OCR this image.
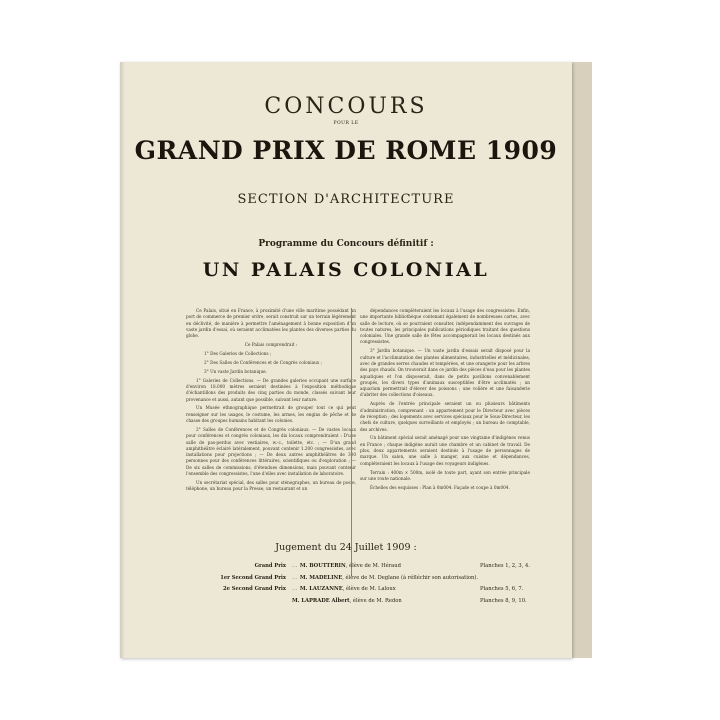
CONCOURS
POUR LE
GRAND PRIX DE ROME 1909
SECTION D'ARCHITECTURE
Programme du Concours définitif :
UN PALAIS COLONIAL

Ce Palais, situé en France, à proximité d'une ville maritime possédant un port de commerce de premier ordre, serait construit sur un terrain légèrement en déclivité, de manière à permettre l'aménagement à bonne exposition d'un vaste jardin d'essai, où seraient acclimatées les plantes des diverses parties du globe.

Ce Palais comprendrait :

1° Des Galeries de Collections ;

2° Des Salles de Conférences et de Congrès coloniaux ;

3° Un vaste Jardin botanique.

1° Galeries de Collections. — De grandes galeries occupant une surface d'environ 18.000 mètres seraient destinées à l'exposition méthodique d'échantillons des produits des cinq parties du monde, classés suivant leur provenance et aussi, autant que possible, suivant leur nature.

Un Musée ethnographique permettrait de grouper tout ce qui peut renseigner sur les usages, le costume, les armes, les engins de pêche et de chasse des groupes humains habitant les colonies.

2° Salles de Conférences et de Congrès coloniaux. — De vastes locaux pour conférences et congrès coloniaux, les dix locaux comprendraient : D'une salle de pas-perdus avec vestiaires, w.-c., toilette, etc. ; — D'un grand amphithéâtre éclairé latéralement, pouvant contenir 1.200 congressistes, avec installations pour projections ; — De deux autres amphithéâtres de 300 personnes pour des conférences littéraires, scientifiques ou d'exploration ; — De six salles de commissions, d'étendues dimensions, mais pouvant contenir l'ensemble des congressistes, l'une d'elles avec installation de laboratoire.

Un secrétariat spécial, des salles pour sténographes, un bureau de poste, téléphone, un bureau pour la Presse, un restaurant et un

dépendances complèteraient les locaux à l'usage des congressistes. Enfin, une importante bibliothèque contenant également de nombreuses cartes, avec salle de lecture, où se pourraient consulter, indépendamment des ouvrages de toutes natures, les principales publications périodiques traitant des questions coloniales. Une grande salle de fêtes accompagnerait les locaux destinés aux congressistes.

3° Jardin botanique. — Un vaste jardin d'essais serait disposé pour la culture et l'acclimatation des plantes alimentaires, industrielles et médicinales, avec de grandes serres chaudes et tempérées, et une orangerie pour les arbres des pays chauds. On trouverait dans ce jardin des pièces d'eau pour les plantes aquatiques et l'on disposerait, dans de petits pavillons convenablement groupés, les divers types d'animaux susceptibles d'être acclimatés ; un aquarium permettrait d'élever des poissons ; une volière et une faisanderie d'abriter des collections d'oiseaux.

Auprès de l'entrée principale seraient un ou plusieurs bâtiments d'administration, comprenant : un appartement pour le Directeur avec pièces de réception ; des logements avec services spéciaux pour le Sous-Directeur, les chefs de culture, quelques surveillants et employés ; un bureau de comptable, des archives.

Un bâtiment spécial serait aménagé pour une vingtaine d'indigènes venus en France ; chaque indigène aurait une chambre et un cabinet de travail. De plus, deux appartements seraient destinés à l'usage de personnages de marque. Un salon, une salle à manger, aux cuisine et dépendances, compléteraient les locaux à l'usage des voyageurs indigènes.

Terrain : 400m × 500m, isolé de toute part, ayant son entrée principale sur une route nationale.

Échelles des esquisses : Plan à 0m004. Façade et coupe à 0m004.

Jugement du 24 Juillet 1909 :
Grand Prix … M. BOUTTERIN, élève de M. Héraud	Planches 1, 2, 3, 4.
1er Second Grand Prix … M. MADELINE, élève de M. Deglane (à réfléchir son autorisation).
2e Second Grand Prix … M. LAUZANNE, élève de M. Laloux	Planches 5, 6, 7.
M. LAPRADE Albert, élève de M. Redon	Planches 8, 9, 10.
